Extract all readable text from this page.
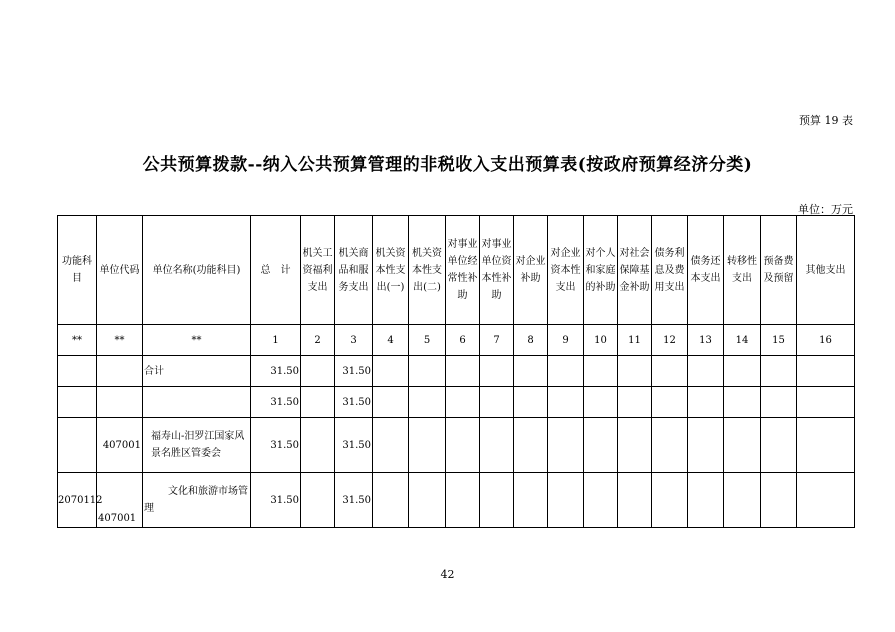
预算 19 表
公共预算拨款--纳入公共预算管理的非税收入支出预算表(按政府预算经济分类)
单位：万元
功能科目	单位代码	单位名称(功能科目)	总　计	机关工资福利支出	机关商品和服务支出	机关资本性支出(一)	机关资本性支出(二)	对事业单位经常性补助	对事业单位资本性补助	对企业补助	对企业资本性支出	对个人和家庭的补助	对社会保障基金补助	债务利息及费用支出	债务还本支出	转移性支出	预备费及预留	其他支出
**	**	**	1	2	3	4	5	6	7	8	9	10	11	12	13	14	15	16
		合计	31.50		31.50													
			31.50		31.50													
	407001	福寿山-汨罗江国家风景名胜区管委会	31.50		31.50													
2070112	407001	文化和旅游市场管理	31.50		31.50													
42
